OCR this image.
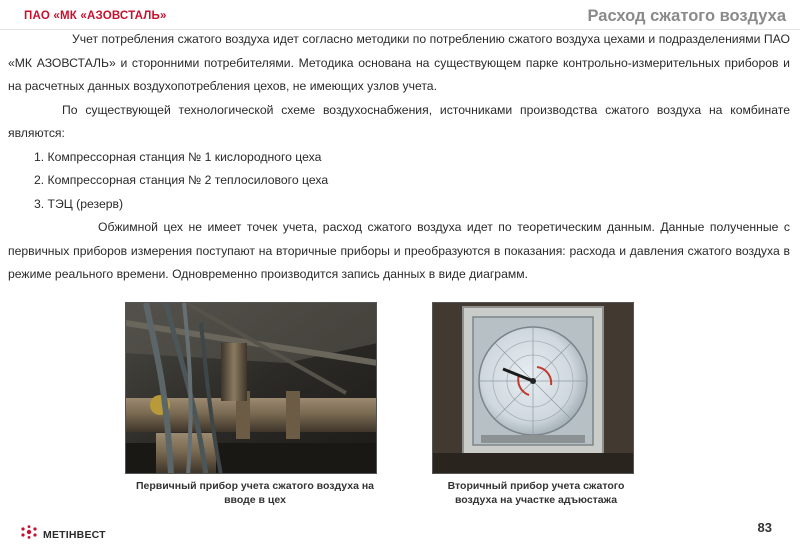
ПАО «МК «АЗОВСТАЛЬ»	Расход сжатого воздуха

Учет потребления сжатого воздуха идет согласно методики по потреблению сжатого воздуха цехами и подразделениями ПАО «МК АЗОВСТАЛЬ» и сторонними потребителями. Методика основана на существующем парке контрольно-измерительных приборов и на расчетных данных воздухопотребления цехов, не имеющих узлов учета.

По существующей технологической схеме воздухоснабжения, источниками производства сжатого воздуха на комбинате являются:

1. Компрессорная станция № 1 кислородного цеха

2. Компрессорная станция № 2 теплосилового цеха

3. ТЭЦ (резерв)

Обжимной цех не имеет точек учета, расход сжатого воздуха идет по теоретическим данным. Данные полученные с первичных приборов измерения поступают на вторичные приборы и преобразуются в показания: расхода и давления сжатого воздуха в режиме реального времени. Одновременно производится запись данных в виде диаграмм.

Первичный прибор учета сжатого воздуха на вводе в цех
Вторичный прибор учета сжатого воздуха на участке адъюстажа
МЕТІНВЕСТ	83
